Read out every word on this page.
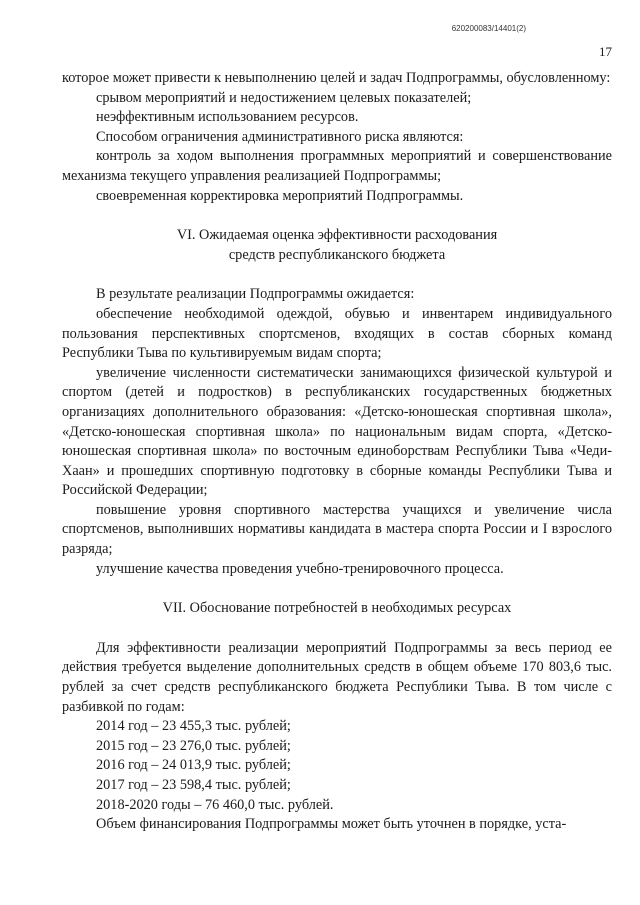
620200083/14401(2)
17

которое может привести к невыполнению целей и задач Подпрограммы, обусловленному:

срывом мероприятий и недостижением целевых показателей;

неэффективным использованием ресурсов.

Способом ограничения административного риска являются:

контроль за ходом выполнения программных мероприятий и совершенствование механизма текущего управления реализацией Подпрограммы;

своевременная корректировка мероприятий Подпрограммы.

VI. Ожидаемая оценка эффективности расходования

средств республиканского бюджета

В результате реализации Подпрограммы ожидается:

обеспечение необходимой одеждой, обувью и инвентарем индивидуального пользования перспективных спортсменов, входящих в состав сборных команд Республики Тыва по культивируемым видам спорта;

увеличение численности систематически занимающихся физической культурой и спортом (детей и подростков) в республиканских государственных бюджетных организациях дополнительного образования: «Детско-юношеская спортивная школа», «Детско-юношеская спортивная школа» по национальным видам спорта, «Детско-юношеская спортивная школа» по восточным единоборствам Республики Тыва «Чеди-Хаан» и прошедших спортивную подготовку в сборные команды Республики Тыва и Российской Федерации;

повышение уровня спортивного мастерства учащихся и увеличение числа спортсменов, выполнивших нормативы кандидата в мастера спорта России и I взрослого разряда;

улучшение качества проведения учебно-тренировочного процесса.

VII. Обоснование потребностей в необходимых ресурсах

Для эффективности реализации мероприятий Подпрограммы за весь период ее действия требуется выделение дополнительных средств в общем объеме 170 803,6 тыс. рублей за счет средств республиканского бюджета Республики Тыва. В том числе с разбивкой по годам:

2014 год – 23 455,3 тыс. рублей;

2015 год – 23 276,0 тыс. рублей;

2016 год – 24 013,9 тыс. рублей;

2017 год – 23 598,4 тыс. рублей;

2018-2020 годы – 76 460,0 тыс. рублей.

Объем финансирования Подпрограммы может быть уточнен в порядке, уста-
